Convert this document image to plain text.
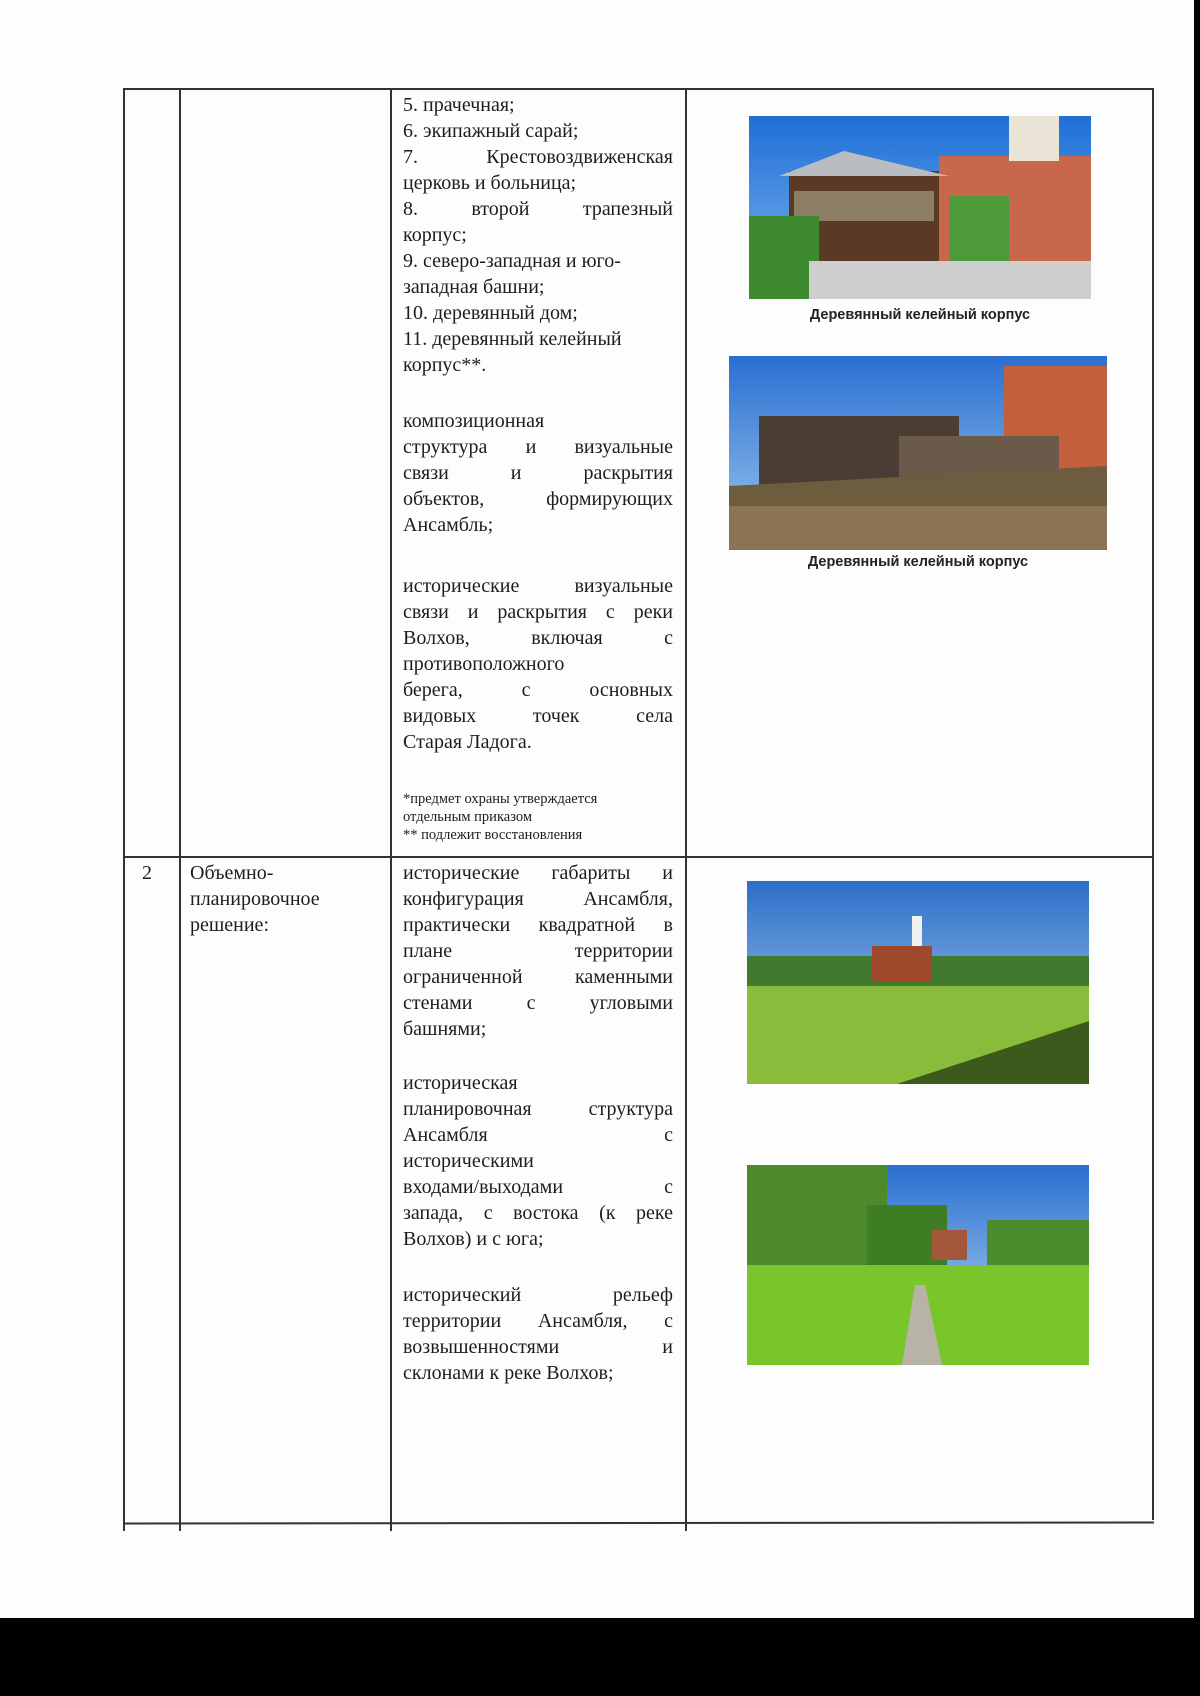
5. прачечная;
6. экипажный сарай;
7. Крестовоздвиженская
церковь и больница;
8. второй трапезный
корпус;
9. северо-западная и юго-
западная башни;
10. деревянный дом;
11. деревянный келейный
корпус**.
композиционная
структура и визуальные
связи и раскрытия
объектов, формирующих
Ансамбль;
исторические визуальные
связи и раскрытия с реки
Волхов, включая с
противоположного
берега, с основных
видовых точек села
Старая Ладога.
*предмет охраны утверждается
отдельным приказом
** подлежит восстановления
Деревянный келейный корпус
Деревянный келейный корпус
2	Объемно-
планировочное
решение:
исторические габариты и
конфигурация Ансамбля,
практически квадратной в
плане территории
ограниченной каменными
стенами с угловыми
башнями;
историческая
планировочная структура
Ансамбля с
историческими
входами/выходами с
запада, с востока (к реке
Волхов) и с юга;
исторический рельеф
территории Ансамбля, с
возвышенностями и
склонами к реке Волхов;
